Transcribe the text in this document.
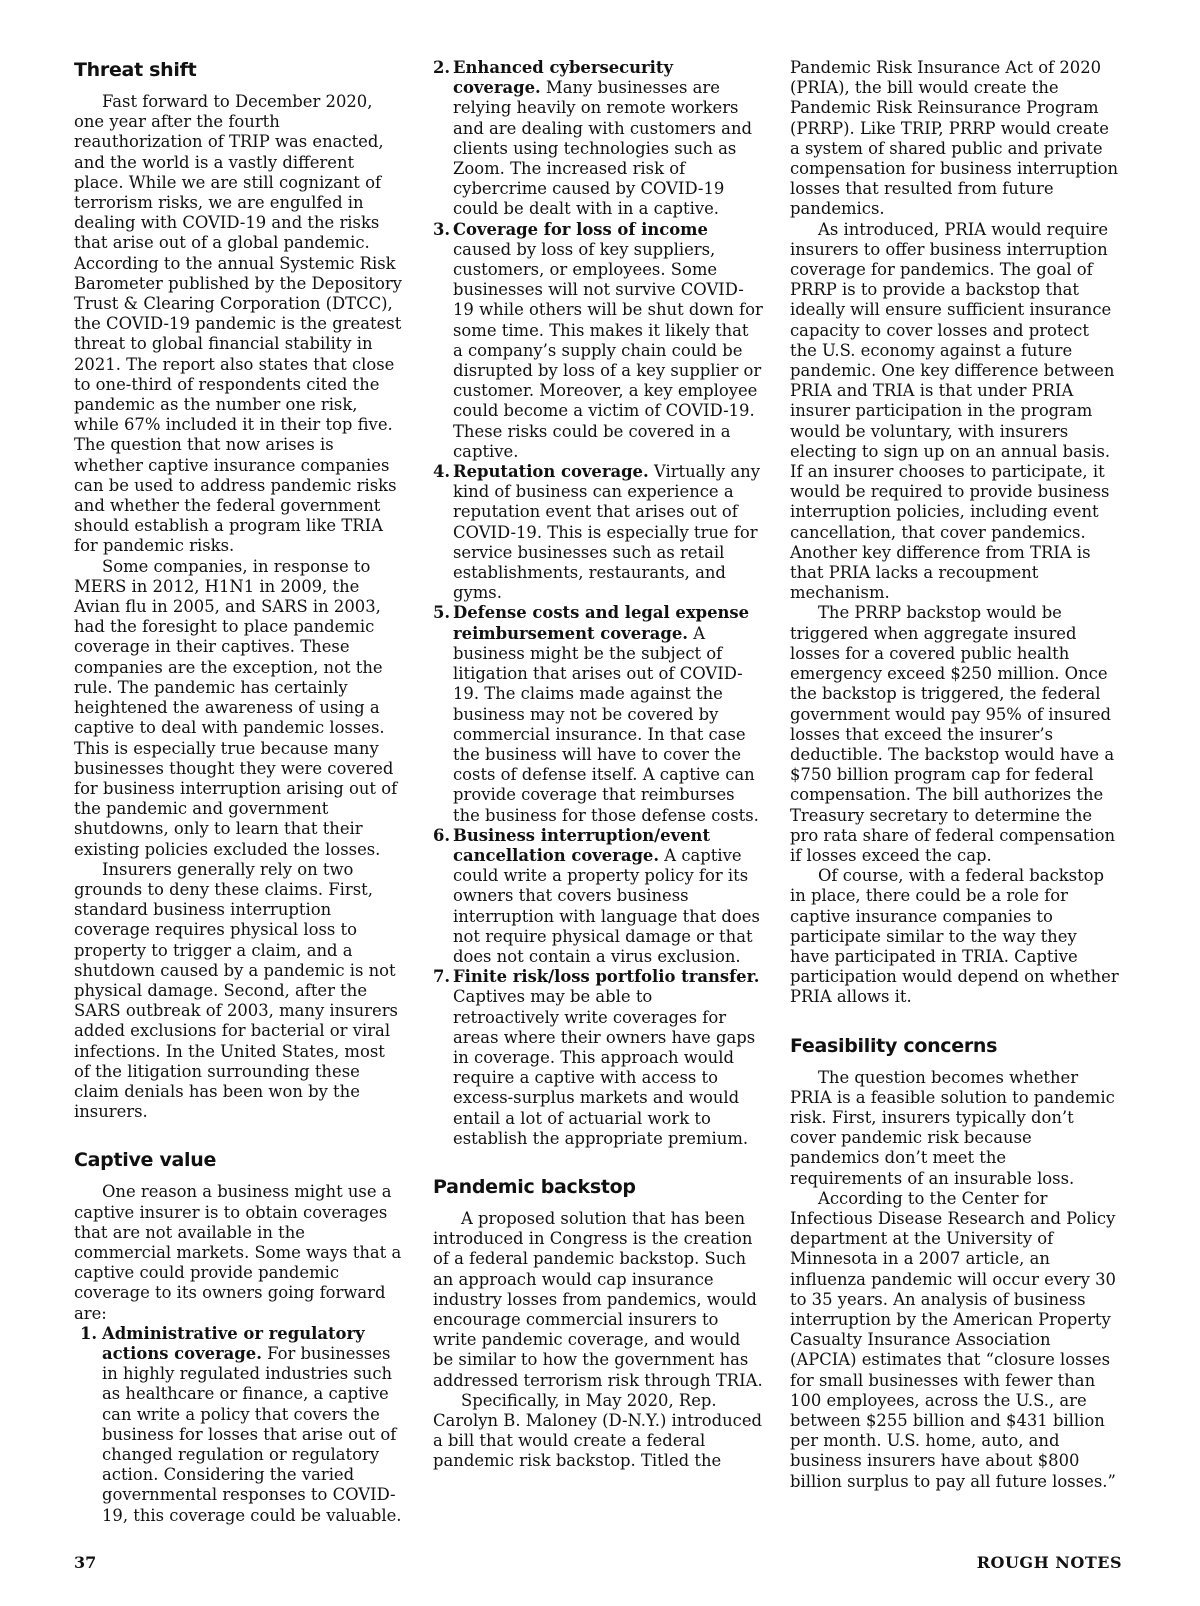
Threat shift

Fast forward to December 2020, one year after the fourth reauthorization of TRIP was enacted, and the world is a vastly different place. While we are still cognizant of terrorism risks, we are engulfed in dealing with COVID-19 and the risks that arise out of a global pandemic. According to the annual Systemic Risk Barometer published by the Depository Trust & Clearing Corporation (DTCC), the COVID-19 pandemic is the greatest threat to global financial stability in 2021. The report also states that close to one-third of respondents cited the pandemic as the number one risk, while 67% included it in their top five. The question that now arises is whether captive insurance companies can be used to address pandemic risks and whether the federal government should establish a program like TRIA for pandemic risks.

Some companies, in response to MERS in 2012, H1N1 in 2009, the Avian flu in 2005, and SARS in 2003, had the foresight to place pandemic coverage in their captives. These companies are the exception, not the rule. The pandemic has certainly heightened the awareness of using a captive to deal with pandemic losses. This is especially true because many businesses thought they were covered for business interruption arising out of the pandemic and government shutdowns, only to learn that their existing policies excluded the losses.

Insurers generally rely on two grounds to deny these claims. First, standard business interruption coverage requires physical loss to property to trigger a claim, and a shutdown caused by a pandemic is not physical damage. Second, after the SARS outbreak of 2003, many insurers added exclusions for bacterial or viral infections. In the United States, most of the litigation surrounding these claim denials has been won by the insurers.

Captive value

One reason a business might use a captive insurer is to obtain coverages that are not available in the commercial markets. Some ways that a captive could provide pandemic coverage to its owners going forward are:

1. Administrative or regulatory actions coverage. For businesses in highly regulated industries such as healthcare or finance, a captive can write a policy that covers the business for losses that arise out of changed regulation or regulatory action. Considering the varied governmental responses to COVID-19, this coverage could be valuable.
2. Enhanced cybersecurity coverage. Many businesses are relying heavily on remote workers and are dealing with customers and clients using technologies such as Zoom. The increased risk of cybercrime caused by COVID-19 could be dealt with in a captive.
3. Coverage for loss of income caused by loss of key suppliers, customers, or employees. Some businesses will not survive COVID-19 while others will be shut down for some time. This makes it likely that a company’s supply chain could be disrupted by loss of a key supplier or customer. Moreover, a key employee could become a victim of COVID-19. These risks could be covered in a captive.
4. Reputation coverage. Virtually any kind of business can experience a reputation event that arises out of COVID-19. This is especially true for service businesses such as retail establishments, restaurants, and gyms.
5. Defense costs and legal expense reimbursement coverage. A business might be the subject of litigation that arises out of COVID-19. The claims made against the business may not be covered by commercial insurance. In that case the business will have to cover the costs of defense itself. A captive can provide coverage that reimburses the business for those defense costs.
6. Business interruption/event cancellation coverage. A captive could write a property policy for its owners that covers business interruption with language that does not require physical damage or that does not contain a virus exclusion.
7. Finite risk/loss portfolio transfer. Captives may be able to retroactively write coverages for areas where their owners have gaps in coverage. This approach would require a captive with access to excess-surplus markets and would entail a lot of actuarial work to establish the appropriate premium.
Pandemic backstop

A proposed solution that has been introduced in Congress is the creation of a federal pandemic backstop. Such an approach would cap insurance industry losses from pandemics, would encourage commercial insurers to write pandemic coverage, and would be similar to how the government has addressed terrorism risk through TRIA.

Specifically, in May 2020, Rep. Carolyn B. Maloney (D-N.Y.) introduced a bill that would create a federal pandemic risk backstop. Titled the

Pandemic Risk Insurance Act of 2020 (PRIA), the bill would create the Pandemic Risk Reinsurance Program (PRRP). Like TRIP, PRRP would create a system of shared public and private compensation for business interruption losses that resulted from future pandemics.

As introduced, PRIA would require insurers to offer business interruption coverage for pandemics. The goal of PRRP is to provide a backstop that ideally will ensure sufficient insurance capacity to cover losses and protect the U.S. economy against a future pandemic. One key difference between PRIA and TRIA is that under PRIA insurer participation in the program would be voluntary, with insurers electing to sign up on an annual basis. If an insurer chooses to participate, it would be required to provide business interruption policies, including event cancellation, that cover pandemics. Another key difference from TRIA is that PRIA lacks a recoupment mechanism.

The PRRP backstop would be triggered when aggregate insured losses for a covered public health emergency exceed $250 million. Once the backstop is triggered, the federal government would pay 95% of insured losses that exceed the insurer’s deductible. The backstop would have a $750 billion program cap for federal compensation. The bill authorizes the Treasury secretary to determine the pro rata share of federal compensation if losses exceed the cap.

Of course, with a federal backstop in place, there could be a role for captive insurance companies to participate similar to the way they have participated in TRIA. Captive participation would depend on whether PRIA allows it.

Feasibility concerns

The question becomes whether PRIA is a feasible solution to pandemic risk. First, insurers typically don’t cover pandemic risk because pandemics don’t meet the requirements of an insurable loss.

According to the Center for Infectious Disease Research and Policy department at the University of Minnesota in a 2007 article, an influenza pandemic will occur every 30 to 35 years. An analysis of business interruption by the American Property Casualty Insurance Association (APCIA) estimates that “closure losses for small businesses with fewer than 100 employees, across the U.S., are between $255 billion and $431 billion per month. U.S. home, auto, and business insurers have about $800 billion surplus to pay all future losses.”

37	ROUGH NOTES
